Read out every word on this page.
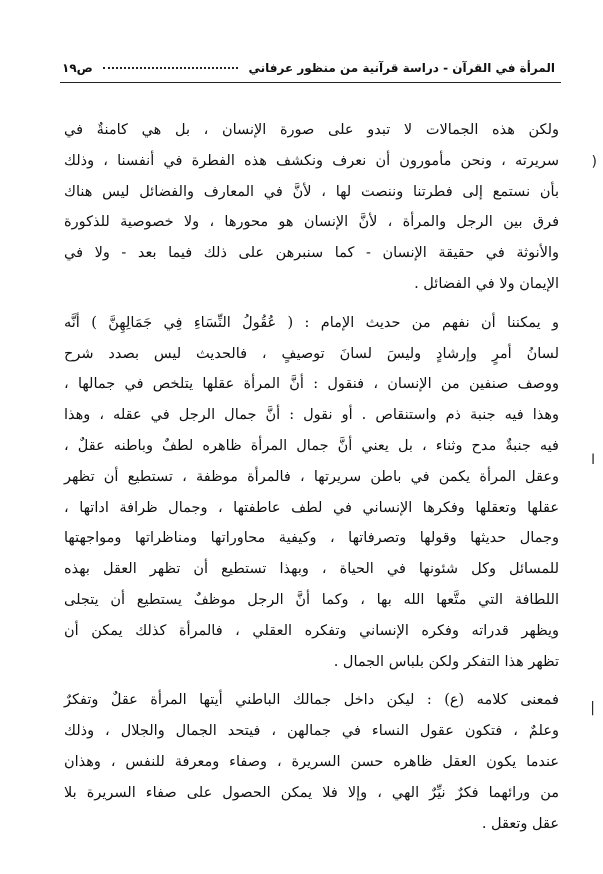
المرأة في القرآن - دراسة قرآنية من منظور عرفاني
ص١٩
(
ا
|
ولكن هذه الجمالات لا تبدو على صورة الإنسان ، بل هي كامنةٌ في
سريرته ، ونحن مأمورون أن نعرف ونكشف هذه الفطرة في أنفسنا ، وذلك
بأن نستمع إلى فطرتنا وننصت لها ، لأنَّ في المعارف والفضائل ليس هناك
فرق بين الرجل والمرأة ، لأنَّ الإنسان هو محورها ، ولا خصوصية للذكورة
والأنوثة في حقيقة الإنسان - كما سنبرهن على ذلك فيما بعد - ولا في
الإيمان ولا في الفضائل .
و يمكننا أن نفهم من حديث الإمام : ( عُقُولُ النِّسَاءِ فِي جَمَالِهِنَّ ) أنَّه
لسانُ أمرٍ وإرشادٍ وليسَ لسانَ توصيفٍ ، فالحديث ليس بصدد شرح
ووصف صنفين من الإنسان ، فنقول : أنَّ المرأة عقلها يتلخص في جمالها ،
وهذا فيه جنبة ذم واستنقاص . أو نقول : أنَّ جمال الرجل في عقله ، وهذا
فيه جنبةٌ مدح وثناء ، بل يعني أنَّ جمال المرأة ظاهره لطفٌ وباطنه عقلٌ ،
وعقل المرأة يكمن في باطن سريرتها ، فالمرأة موظفة ، تستطيع أن تظهر
عقلها وتعقلها وفكرها الإنساني في لطف عاطفتها ، وجمال ظرافة اداتها ،
وجمال حديثها وقولها وتصرفاتها ، وكيفية محاوراتها ومناظراتها ومواجهتها
للمسائل وكل شئونها في الحياة ، وبهذا تستطيع أن تظهر العقل بهذه
اللطافة التي متَّعها الله بها ، وكما أنَّ الرجل موظفٌ يستطيع أن يتجلى
ويظهر قدراته وفكره الإنساني وتفكره العقلي ، فالمرأة كذلك يمكن أن
تظهر هذا التفكر ولكن بلباس الجمال .
فمعنى كلامه (ع) : ليكن داخل جمالك الباطني أيتها المرأة عقلٌ وتفكرٌ
وعلمٌ ، فتكون عقول النساء في جمالهن ، فيتحد الجمال والجلال ، وذلك
عندما يكون العقل ظاهره حسن السريرة ، وصفاء ومعرفة للنفس ، وهذان
من ورائهما فكرٌ نيِّرٌ الهي ، وإلا فلا يمكن الحصول على صفاء السريرة بلا
عقل وتعقل .
